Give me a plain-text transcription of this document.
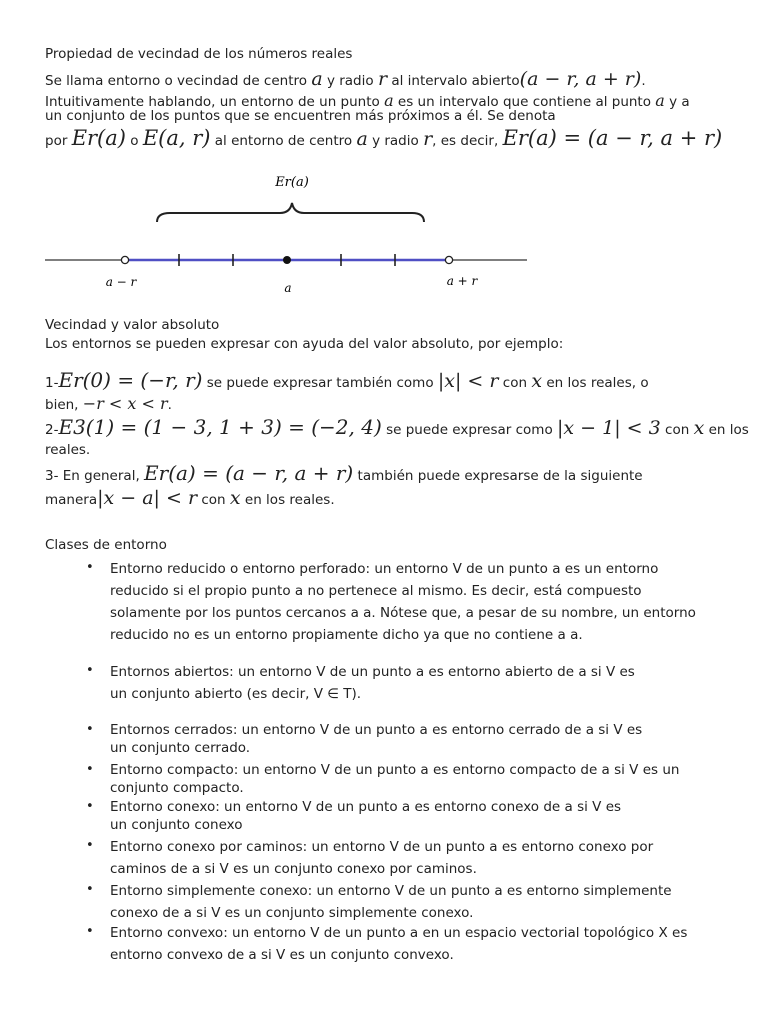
Propiedad de vecindad de los números reales
Se llama entorno o vecindad de centro a y radio r al intervalo abierto(a − r, a + r).
Intuitivamente hablando, un entorno de un punto a es un intervalo que contiene al punto a y a
un conjunto de los puntos que se encuentren más próximos a él. Se denota
por Er(a) o E(a, r) al entorno de centro a y radio r, es decir, Er(a) = (a − r, a + r)
Er(a)
a − r	a	a + r
Vecindad y valor absoluto
Los entornos se pueden expresar con ayuda del valor absoluto, por ejemplo:
1-Er(0) = (−r, r) se puede expresar también como |x| < r con x en los reales, o
bien, −r < x < r.
2-E3(1) = (1 − 3, 1 + 3) = (−2, 4) se puede expresar como |x − 1| < 3 con x en los
reales.
3- En general, Er(a) = (a − r, a + r) también puede expresarse de la siguiente
manera|x − a| < r con x en los reales.
Clases de entorno
• Entorno reducido o entorno perforado: un entorno V de un punto a es un entorno
reducido si el propio punto a no pertenece al mismo. Es decir, está compuesto
solamente por los puntos cercanos a a. Nótese que, a pesar de su nombre, un entorno
reducido no es un entorno propiamente dicho ya que no contiene a a.
• Entornos abiertos: un entorno V de un punto a es entorno abierto de a si V es
un conjunto abierto (es decir, V ∈ T).
• Entornos cerrados: un entorno V de un punto a es entorno cerrado de a si V es
un conjunto cerrado.
• Entorno compacto: un entorno V de un punto a es entorno compacto de a si V es un
conjunto compacto.
• Entorno conexo: un entorno V de un punto a es entorno conexo de a si V es
un conjunto conexo
• Entorno conexo por caminos: un entorno V de un punto a es entorno conexo por
caminos de a si V es un conjunto conexo por caminos.
• Entorno simplemente conexo: un entorno V de un punto a es entorno simplemente
conexo de a si V es un conjunto simplemente conexo.
• Entorno convexo: un entorno V de un punto a en un espacio vectorial topológico X es
entorno convexo de a si V es un conjunto convexo.
